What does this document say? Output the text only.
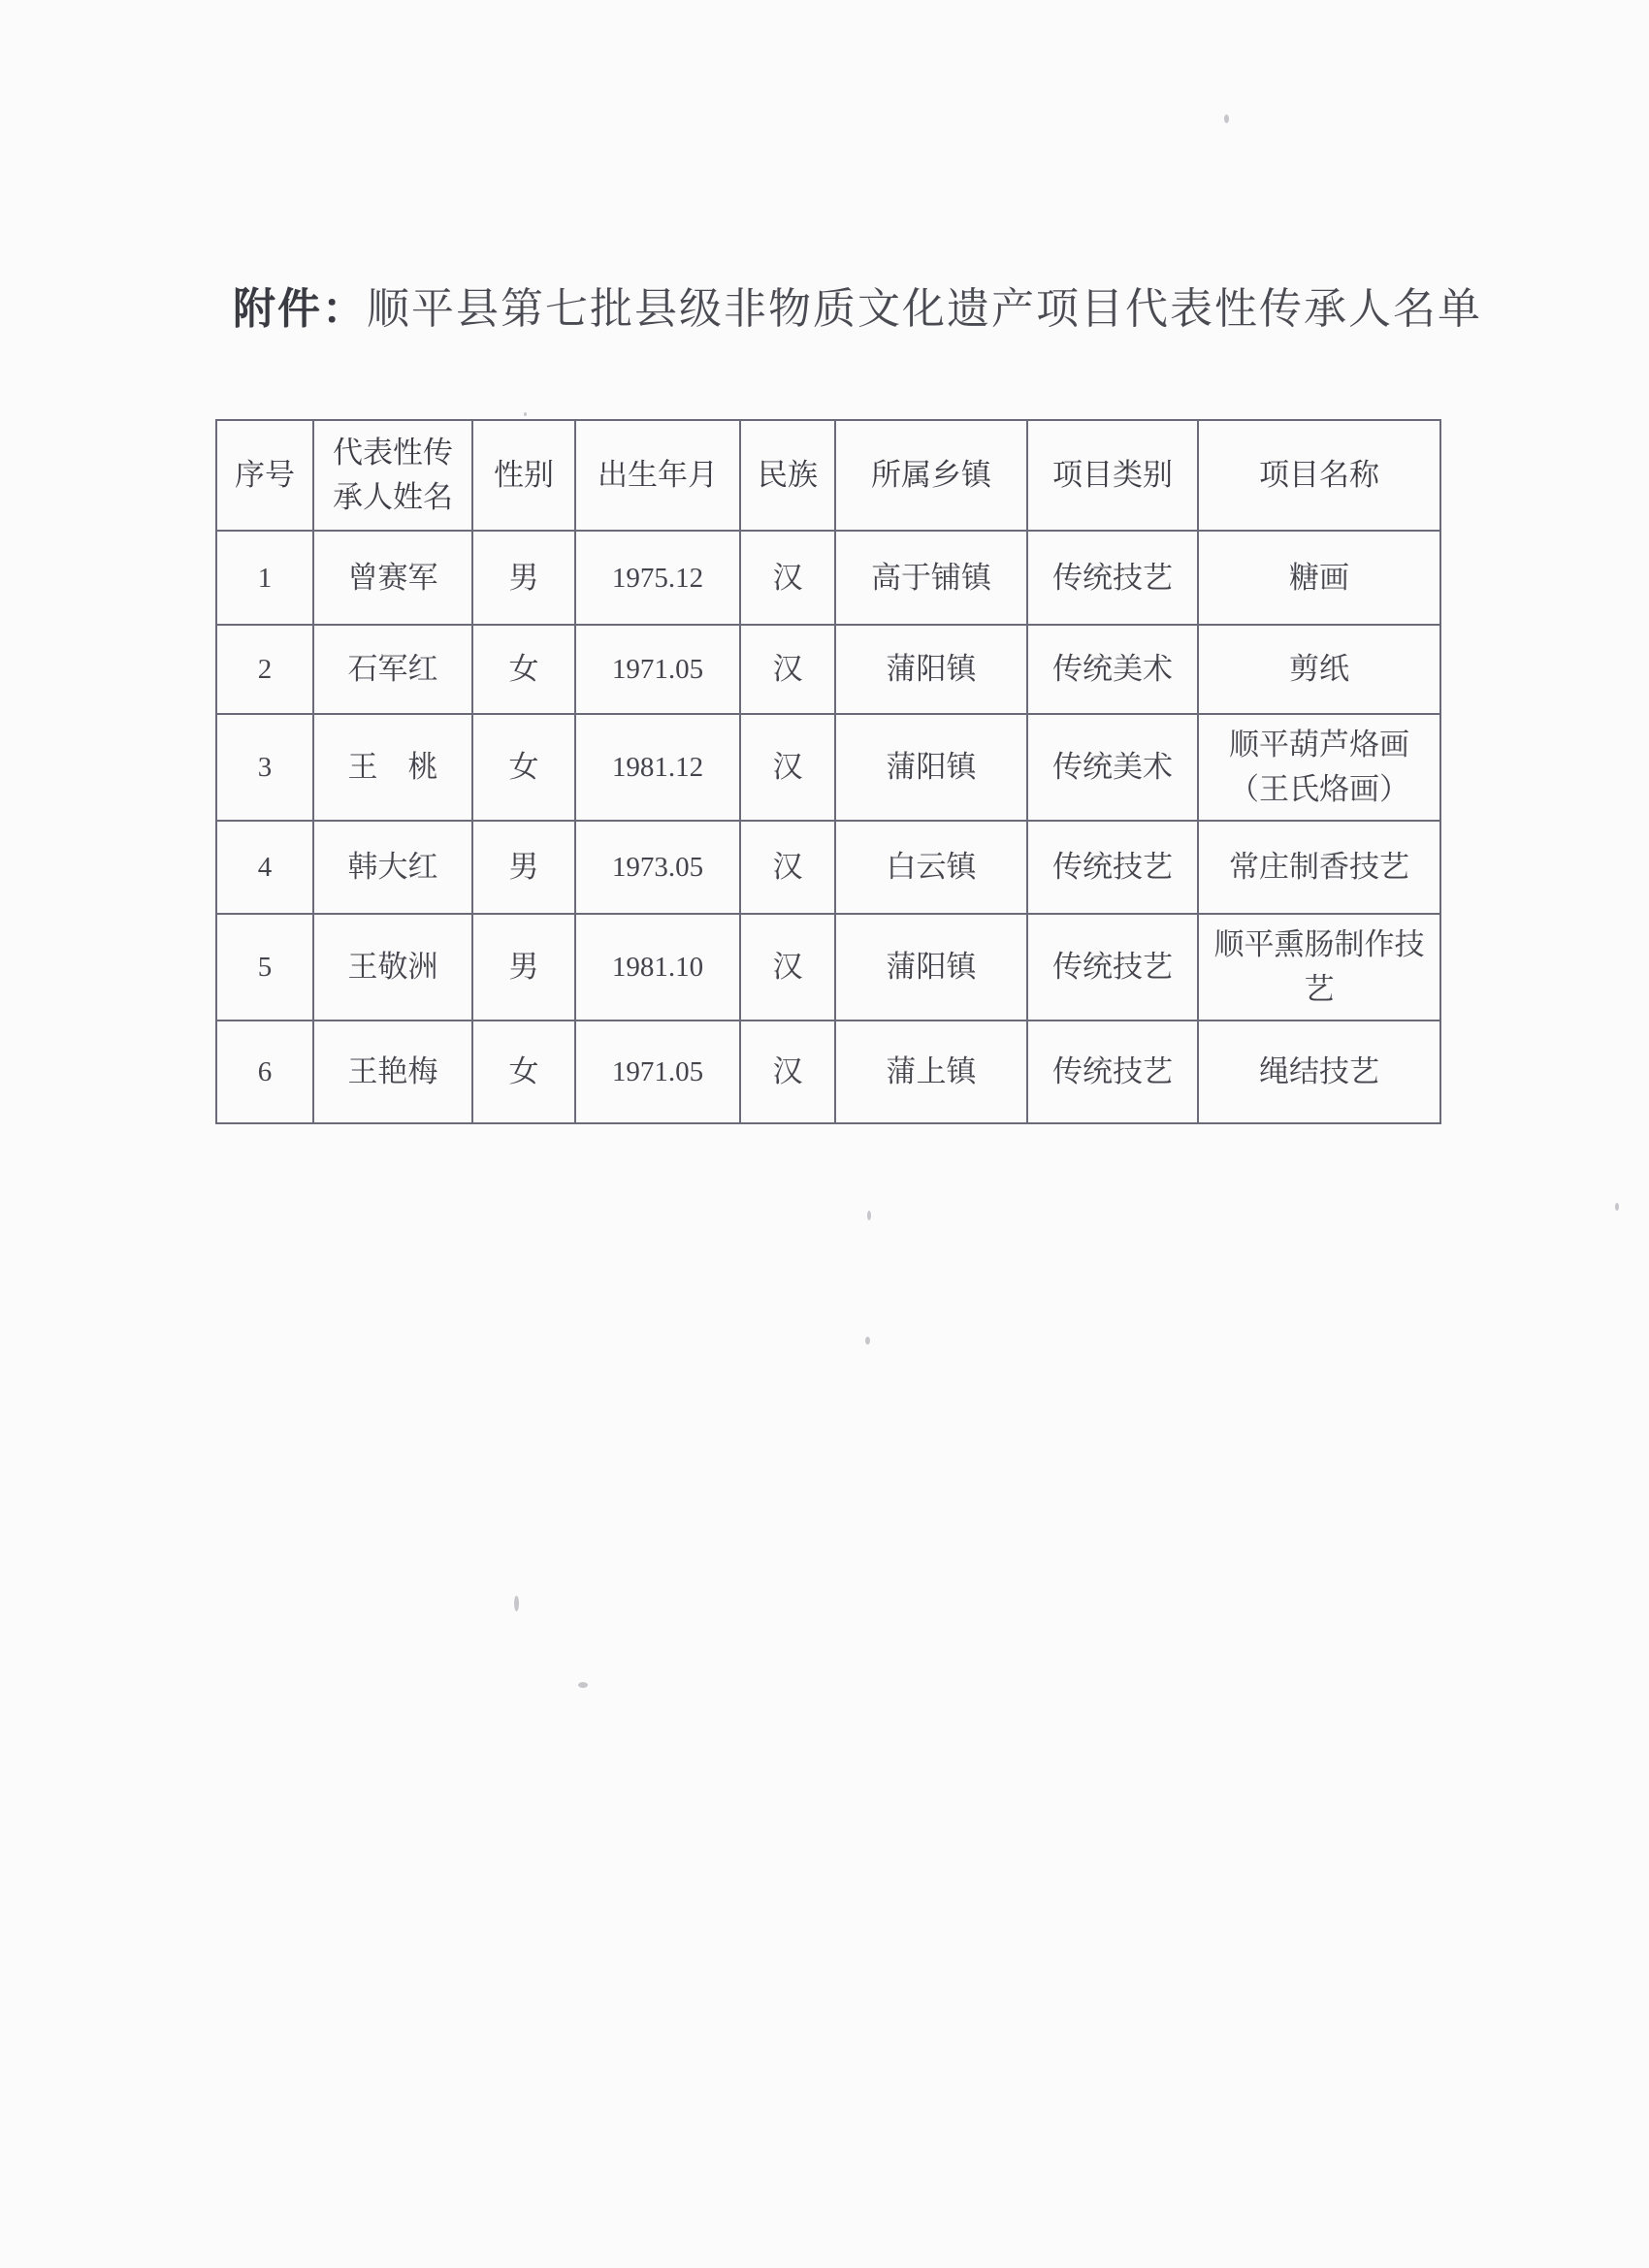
附件：顺平县第七批县级非物质文化遗产项目代表性传承人名单
序号	代表性传承人姓名	性别	出生年月	民族	所属乡镇	项目类别	项目名称
1	曾赛军	男	1975.12	汉	高于铺镇	传统技艺	糖画
2	石军红	女	1971.05	汉	蒲阳镇	传统美术	剪纸
3	王　桃	女	1981.12	汉	蒲阳镇	传统美术	顺平葫芦烙画（王氏烙画）
4	韩大红	男	1973.05	汉	白云镇	传统技艺	常庄制香技艺
5	王敬洲	男	1981.10	汉	蒲阳镇	传统技艺	顺平熏肠制作技艺
6	王艳梅	女	1971.05	汉	蒲上镇	传统技艺	绳结技艺
